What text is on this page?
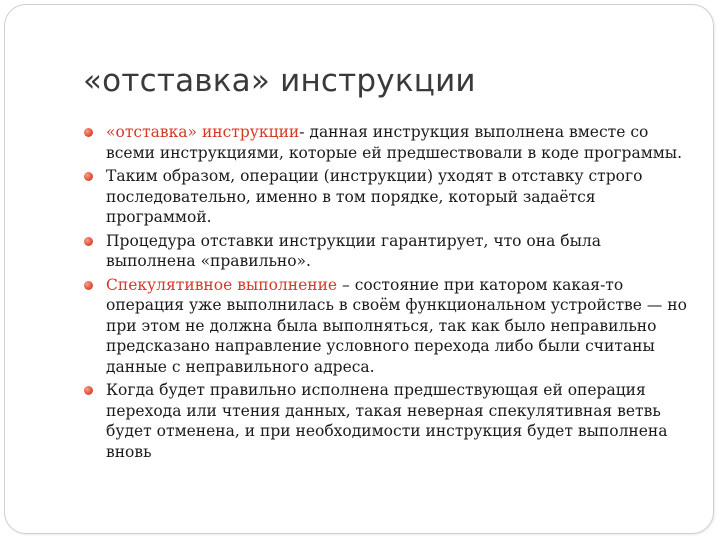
«отставка» инструкции
«отставка» инструкции- данная инструкция выполнена вместе со всеми инструкциями, которые ей предшествовали в коде программы.
Таким образом, операции (инструкции) уходят в отставку строго последовательно, именно в том порядке, который задаётся программой.
Процедура отставки инструкции гарантирует, что она была выполнена «правильно».
Спекулятивное выполнение – состояние при катором какая-то операция уже выполнилась в своём функциональном устройстве — но при этом не должна была выполняться, так как было неправильно предсказано направление условного перехода либо были считаны данные с неправильного адреса.
Когда будет правильно исполнена предшествующая ей операция перехода или чтения данных, такая неверная спекулятивная ветвь будет отменена, и при необходимости инструкция будет выполнена вновь
